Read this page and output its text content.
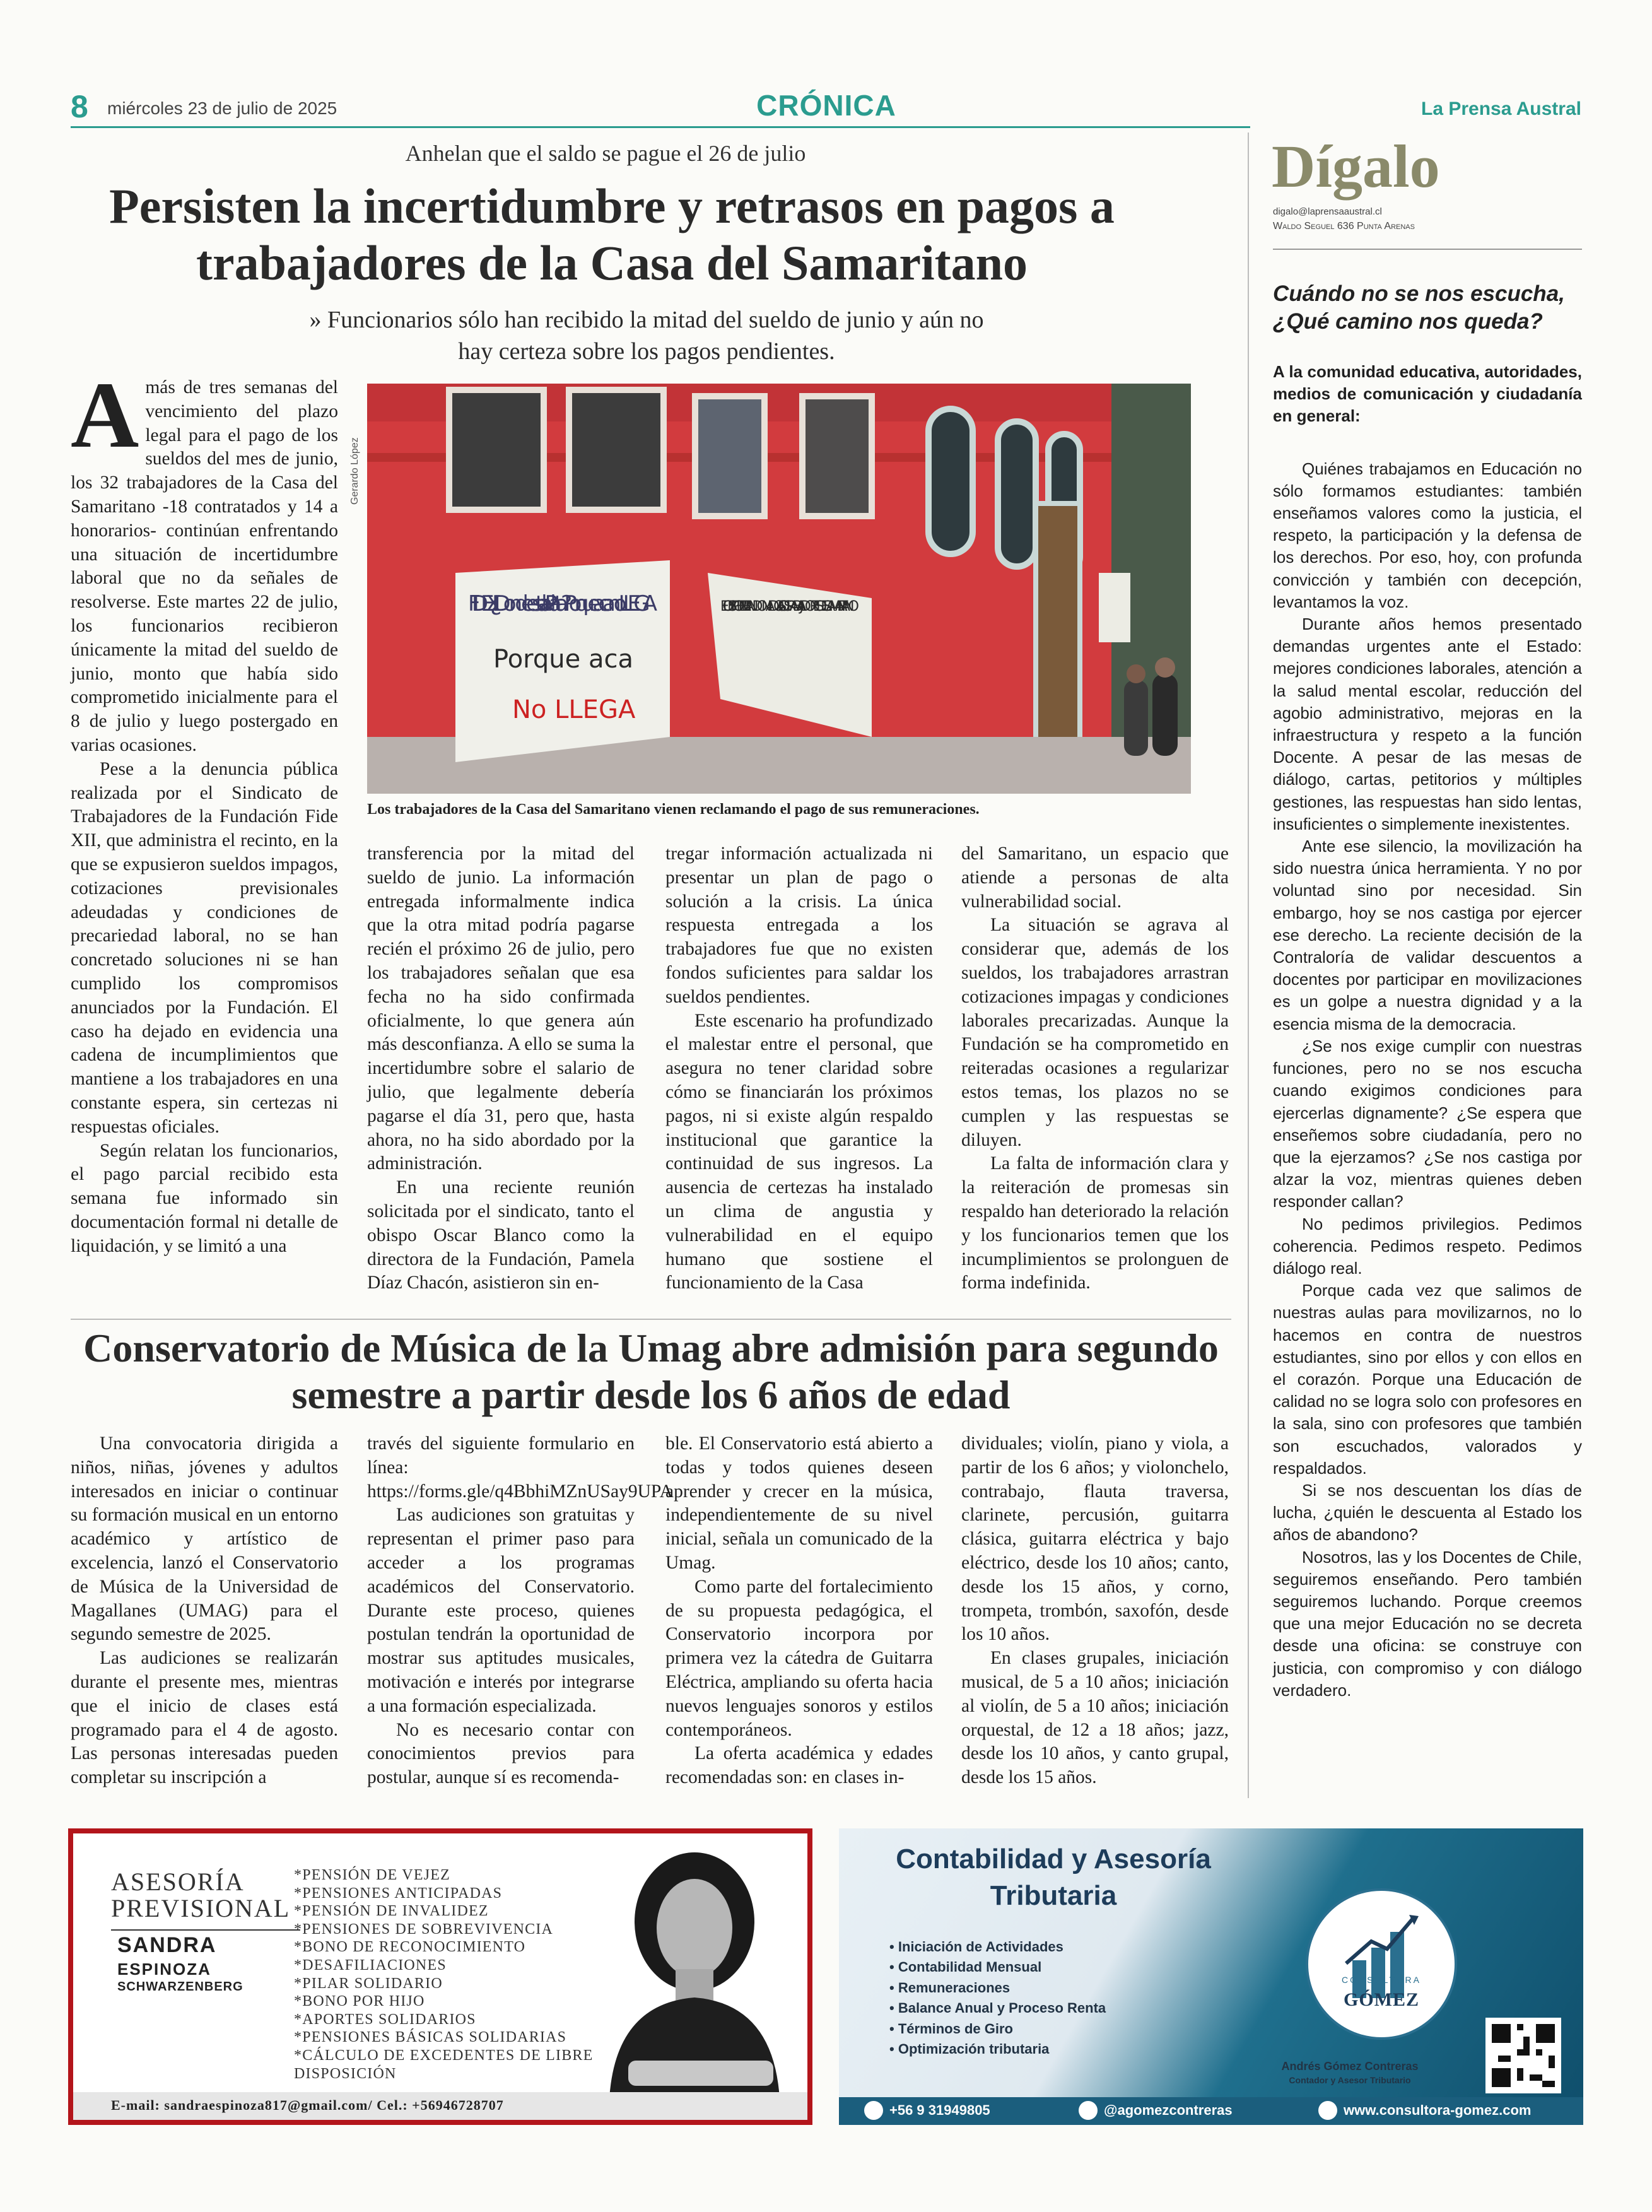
8 miércoles 23 de julio de 2025	CRÓNICA	La Prensa Austral
Anhelan que el saldo se pague el 26 de julio
Persisten la incertidumbre y retrasos en pagos a trabajadores de la Casa del Samaritano
» Funcionarios sólo han recibido la mitad del sueldo de junio y aún no hay certeza sobre los pagos pendientes.
Gerardo López
FIDE XII ¿Donde esta la Plata? Porque aca no LLEGA
Porque aca
No LLEGA
EL OBISPO TIENE 'BANDONADOS' A LOS TRABAJADORES DEL SAMARITANO
Los trabajadores de la Casa del Samaritano vienen reclamando el pago de sus remuneraciones.

Amás de tres semanas del vencimiento del plazo legal para el pago de los sueldos del mes de junio, los 32 trabajadores de la Casa del Samaritano -18 contratados y 14 a honorarios- continúan enfrentando una situación de incertidumbre laboral que no da señales de resolverse. Este martes 22 de julio, los funcionarios recibieron únicamente la mitad del sueldo de junio, monto que había sido comprometido inicialmente para el 8 de julio y luego postergado en varias ocasiones.

Pese a la denuncia pública realizada por el Sindicato de Trabajadores de la Fundación Fide XII, que administra el recinto, en la que se expusieron sueldos impagos, cotizaciones previsionales adeudadas y condiciones de precariedad laboral, no se han concretado soluciones ni se han cumplido los compromisos anunciados por la Fundación. El caso ha dejado en evidencia una cadena de incumplimientos que mantiene a los trabajadores en una constante espera, sin certezas ni respuestas oficiales.

Según relatan los funcionarios, el pago parcial recibido esta semana fue informado sin documentación formal ni detalle de liquidación, y se limitó a una

transferencia por la mitad del sueldo de junio. La información entregada informalmente indica que la otra mitad podría pagarse recién el próximo 26 de julio, pero los trabajadores señalan que esa fecha no ha sido confirmada oficialmente, lo que genera aún más desconfianza. A ello se suma la incertidumbre sobre el salario de julio, que legalmente debería pagarse el día 31, pero que, hasta ahora, no ha sido abordado por la administración.

En una reciente reunión solicitada por el sindicato, tanto el obispo Oscar Blanco como la directora de la Fundación, Pamela Díaz Chacón, asistieron sin en-

tregar información actualizada ni presentar un plan de pago o solución a la crisis. La única respuesta entregada a los trabajadores fue que no existen fondos suficientes para saldar los sueldos pendientes.

Este escenario ha profundizado el malestar entre el personal, que asegura no tener claridad sobre cómo se financiarán los próximos pagos, ni si existe algún respaldo institucional que garantice la continuidad de sus ingresos. La ausencia de certezas ha instalado un clima de angustia y vulnerabilidad en el equipo humano que sostiene el funcionamiento de la Casa

del Samaritano, un espacio que atiende a personas de alta vulnerabilidad social.

La situación se agrava al considerar que, además de los sueldos, los trabajadores arrastran cotizaciones impagas y condiciones laborales precarizadas. Aunque la Fundación se ha comprometido en reiteradas ocasiones a regularizar estos temas, los plazos no se cumplen y las respuestas se diluyen.

La falta de información clara y la reiteración de promesas sin respaldo han deteriorado la relación y los funcionarios temen que los incumplimientos se prolonguen de forma indefinida.

Conservatorio de Música de la Umag abre admisión para segundo semestre a partir desde los 6 años de edad

Una convocatoria dirigida a niños, niñas, jóvenes y adultos interesados en iniciar o continuar su formación musical en un entorno académico y artístico de excelencia, lanzó el Conservatorio de Música de la Universidad de Magallanes (UMAG) para el segundo semestre de 2025.

Las audiciones se realizarán durante el presente mes, mientras que el inicio de clases está programado para el 4 de agosto. Las personas interesadas pueden completar su inscripción a

través del siguiente formulario en línea: https://forms.gle/q4BbhiMZnUSay9UPA

Las audiciones son gratuitas y representan el primer paso para acceder a los programas académicos del Conservatorio. Durante este proceso, quienes postulan tendrán la oportunidad de mostrar sus aptitudes musicales, motivación e interés por integrarse a una formación especializada.

No es necesario contar con conocimientos previos para postular, aunque sí es recomenda-

ble. El Conservatorio está abierto a todas y todos quienes deseen aprender y crecer en la música, independientemente de su nivel inicial, señala un comunicado de la Umag.

Como parte del fortalecimiento de su propuesta pedagógica, el Conservatorio incorpora por primera vez la cátedra de Guitarra Eléctrica, ampliando su oferta hacia nuevos lenguajes sonoros y estilos contemporáneos.

La oferta académica y edades recomendadas son: en clases in-

dividuales; violín, piano y viola, a partir de los 6 años; y violonchelo, contrabajo, flauta traversa, clarinete, percusión, guitarra clásica, guitarra eléctrica y bajo eléctrico, desde los 10 años; canto, desde los 15 años, y corno, trompeta, trombón, saxofón, desde los 10 años.

En clases grupales, iniciación musical, de 5 a 10 años; iniciación al violín, de 5 a 10 años; iniciación orquestal, de 12 a 18 años; jazz, desde los 10 años, y canto grupal, desde los 15 años.

Dígalo
digalo@laprensaaustral.cl
Waldo Seguel 636 Punta Arenas
Cuándo no se nos escucha, ¿Qué camino nos queda?

A la comunidad educativa, autoridades, medios de comunicación y ciudadanía en general:

Quiénes trabajamos en Educación no sólo formamos estudiantes: también enseñamos valores como la justicia, el respeto, la participación y la defensa de los derechos. Por eso, hoy, con profunda convicción y también con decepción, levantamos la voz.

Durante años hemos presentado demandas urgentes ante el Estado: mejores condiciones laborales, atención a la salud mental escolar, reducción del agobio administrativo, mejoras en la infraestructura y respeto a la función Docente. A pesar de las mesas de diálogo, cartas, petitorios y múltiples gestiones, las respuestas han sido lentas, insuficientes o simplemente inexistentes.

Ante ese silencio, la movilización ha sido nuestra única herramienta. Y no por voluntad sino por necesidad. Sin embargo, hoy se nos castiga por ejercer ese derecho. La reciente decisión de la Contraloría de validar descuentos a docentes por participar en movilizaciones es un golpe a nuestra dignidad y a la esencia misma de la democracia.

¿Se nos exige cumplir con nuestras funciones, pero no se nos escucha cuando exigimos condiciones para ejercerlas dignamente? ¿Se espera que enseñemos sobre ciudadanía, pero no que la ejerzamos? ¿Se nos castiga por alzar la voz, mientras quienes deben responder callan?

No pedimos privilegios. Pedimos coherencia. Pedimos respeto. Pedimos diálogo real.

Porque cada vez que salimos de nuestras aulas para movilizarnos, no lo hacemos en contra de nuestros estudiantes, sino por ellos y con ellos en el corazón. Porque una Educación de calidad no se logra solo con profesores en la sala, sino con profesores que también son escuchados, valorados y respaldados.

Si se nos descuentan los días de lucha, ¿quién le descuenta al Estado los años de abandono?

Nosotros, las y los Docentes de Chile, seguiremos enseñando. Pero también seguiremos luchando. Porque creemos que una mejor Educación no se decreta desde una oficina: se construye con justicia, con compromiso y con diálogo verdadero.

ASESORÍA
PREVISIONAL
SANDRA
ESPINOZA
SCHWARZENBERG
*PENSIÓN DE VEJEZ
*PENSIONES ANTICIPADAS
*PENSIÓN DE INVALIDEZ
*PENSIONES DE SOBREVIVENCIA
*BONO DE RECONOCIMIENTO
*DESAFILIACIONES
*PILAR SOLIDARIO
*BONO POR HIJO
*APORTES SOLIDARIOS
*PENSIONES BÁSICAS SOLIDARIAS
*CÁLCULO DE EXCEDENTES DE LIBRE DISPOSICIÓN
E-mail: sandraespinoza817@gmail.com/ Cel.: +56946728707
Contabilidad y Asesoría Tributaria
• Iniciación de Actividades
• Contabilidad Mensual
• Remuneraciones
• Balance Anual y Proceso Renta
• Términos de Giro
• Optimización tributaria
CONSULTORA
GÓMEZ
Andrés Gómez Contreras
Contador y Asesor Tributario
+56 9 31949805	@agomezcontreras	www.consultora-gomez.com
